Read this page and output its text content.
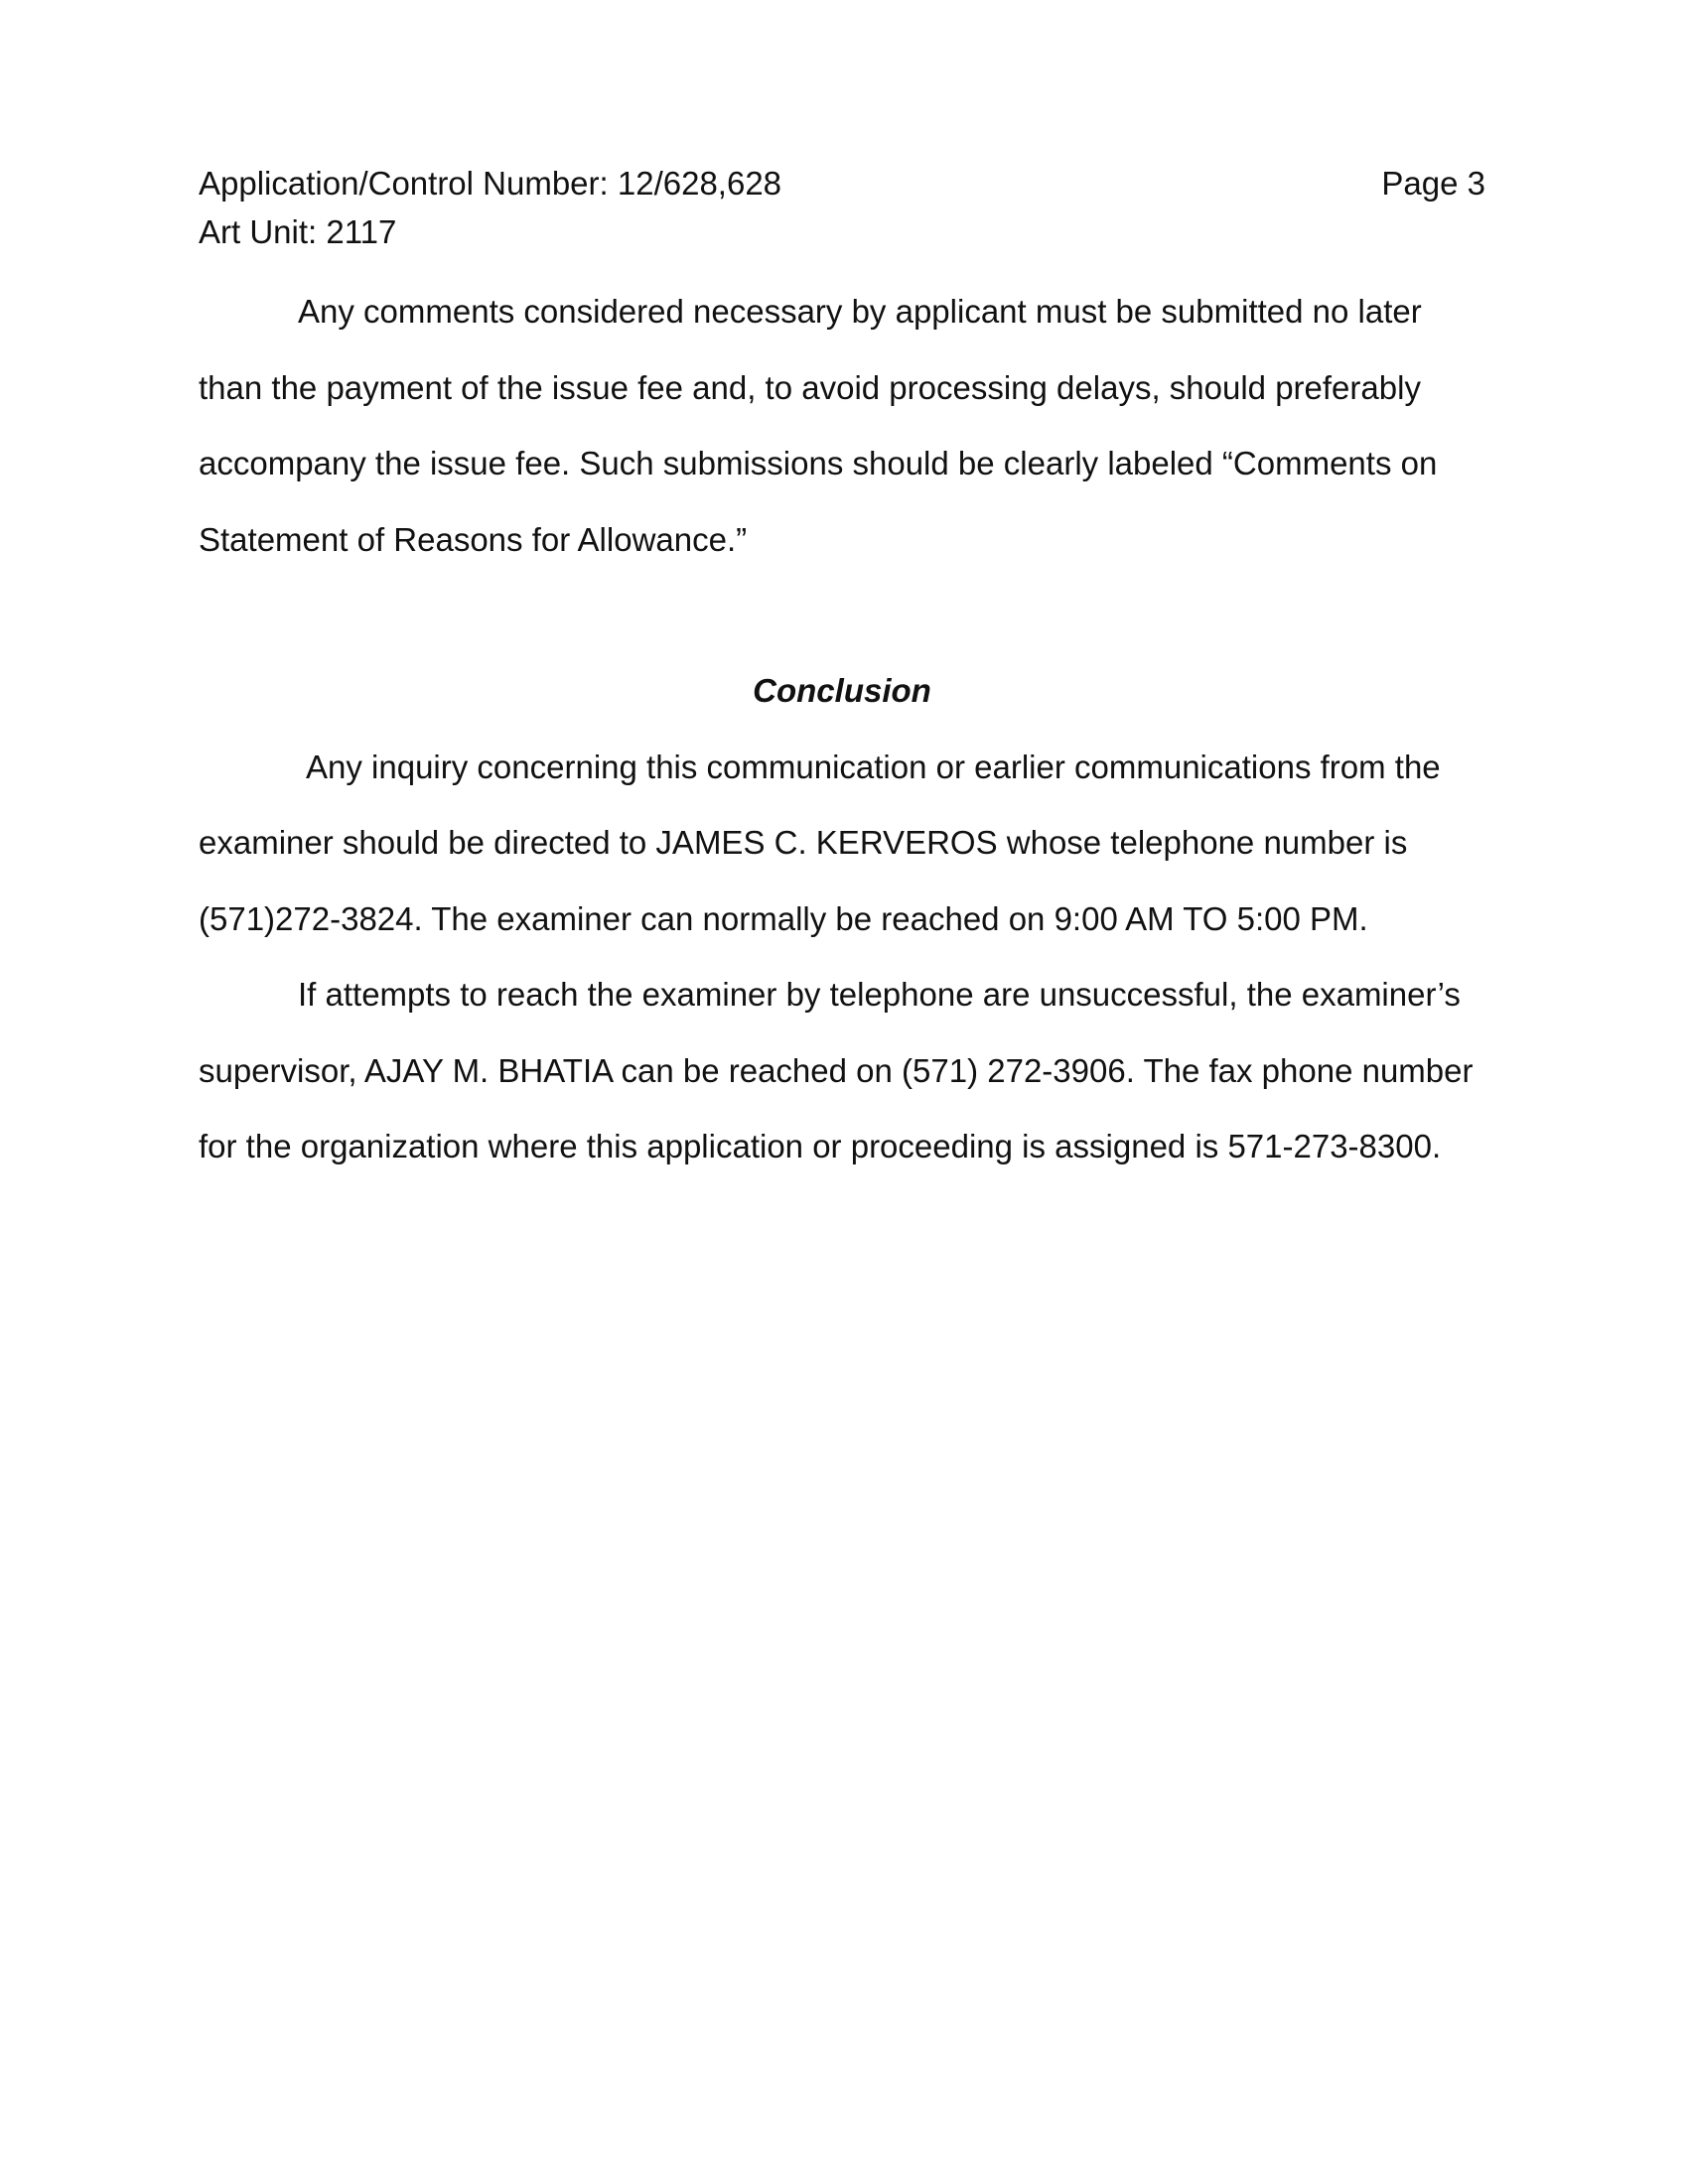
Application/Control Number: 12/628,628	Page 3
Art Unit: 2117

Any comments considered necessary by applicant must be submitted no later than the payment of the issue fee and, to avoid processing delays, should preferably accompany the issue fee. Such submissions should be clearly labeled “Comments on Statement of Reasons for Allowance.”

Conclusion

Any inquiry concerning this communication or earlier communications from the examiner should be directed to JAMES C. KERVEROS whose telephone number is (571)272-3824. The examiner can normally be reached on 9:00 AM TO 5:00 PM.

If attempts to reach the examiner by telephone are unsuccessful, the examiner’s supervisor, AJAY M. BHATIA can be reached on (571) 272-3906. The fax phone number for the organization where this application or proceeding is assigned is 571-273-8300.
